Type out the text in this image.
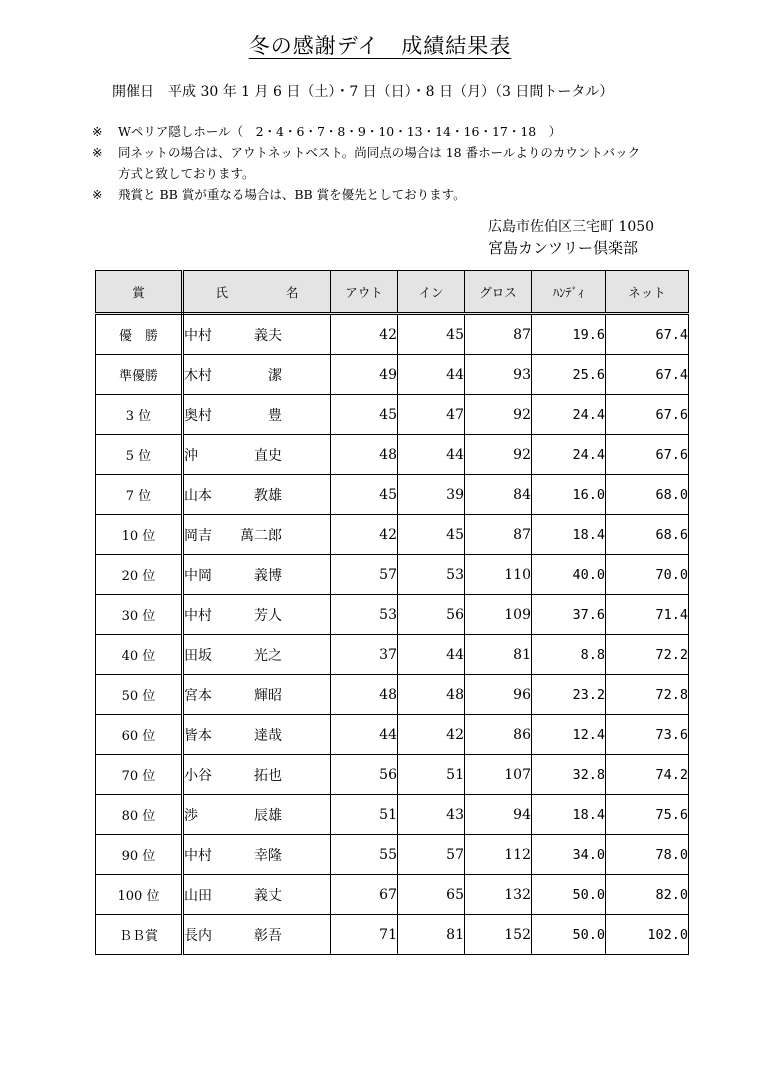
冬の感謝デイ　成績結果表
開催日　平成 30 年 1 月 6 日（土）・7 日（日）・8 日（月）（3 日間トータル）
※	Wペリア隠しホール（　2・4・6・7・8・9・10・13・14・16・17・18　）
※	同ネットの場合は、アウトネットベスト。尚同点の場合は 18 番ホールよりのカウントバック
方式と致しております。
※	飛賞と BB 賞が重なる場合は、BB 賞を優先としております。
広島市佐伯区三宅町 1050
宮島カンツリー倶楽部
賞	氏 名	アウト	イン	グロス	ﾊﾝﾃﾞｨ	ネット
優　勝	中村 義夫	42	45	87	19.6	67.4
準優勝	木村 潔	49	44	93	25.6	67.4
3 位	奥村 豊	45	47	92	24.4	67.6
5 位	沖 直史	48	44	92	24.4	67.6
7 位	山本 教雄	45	39	84	16.0	68.0
10 位	岡吉 萬二郎	42	45	87	18.4	68.6
20 位	中岡 義博	57	53	110	40.0	70.0
30 位	中村 芳人	53	56	109	37.6	71.4
40 位	田坂 光之	37	44	81	8.8	72.2
50 位	宮本 輝昭	48	48	96	23.2	72.8
60 位	皆本 達哉	44	42	86	12.4	73.6
70 位	小谷 拓也	56	51	107	32.8	74.2
80 位	渉 辰雄	51	43	94	18.4	75.6
90 位	中村 幸隆	55	57	112	34.0	78.0
100 位	山田 義丈	67	65	132	50.0	82.0
ＢＢ賞	長内 彰吾	71	81	152	50.0	102.0
